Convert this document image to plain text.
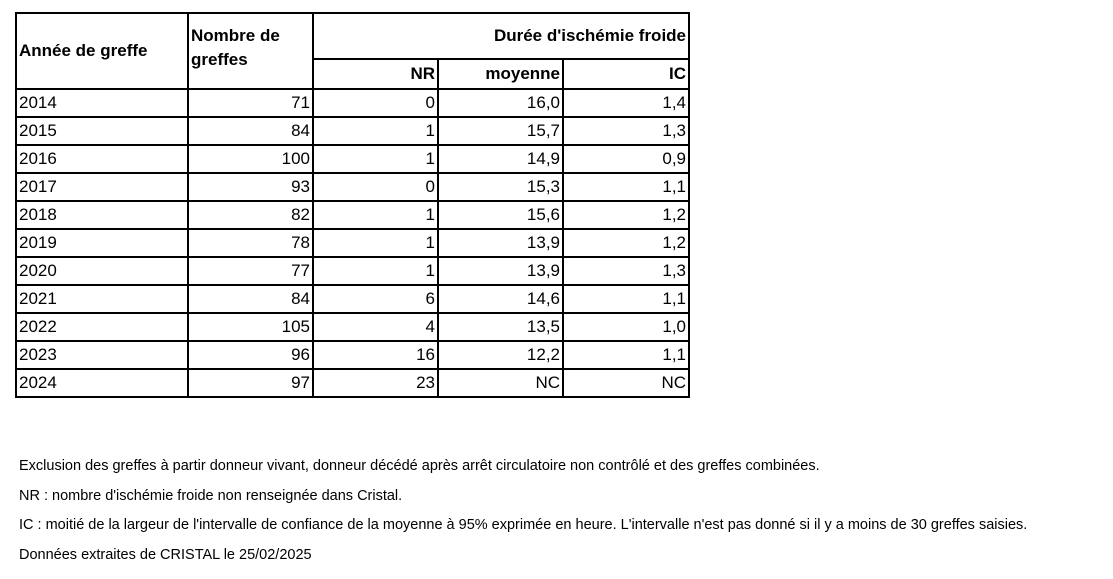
Année de greffe	Nombre de greffes	Durée d'ischémie froide		
		NR	moyenne	IC
2014	71	0	16,0	1,4
2015	84	1	15,7	1,3
2016	100	1	14,9	0,9
2017	93	0	15,3	1,1
2018	82	1	15,6	1,2
2019	78	1	13,9	1,2
2020	77	1	13,9	1,3
2021	84	6	14,6	1,1
2022	105	4	13,5	1,0
2023	96	16	12,2	1,1
2024	97	23	NC	NC

Exclusion des greffes à partir donneur vivant, donneur décédé après arrêt circulatoire non contrôlé et des greffes combinées.

NR : nombre d'ischémie froide non renseignée dans Cristal.

IC : moitié de la largeur de l'intervalle de confiance de la moyenne à 95% exprimée en heure. L'intervalle n'est pas donné si il y a moins de 30 greffes saisies.

Données extraites de CRISTAL le 25/02/2025
